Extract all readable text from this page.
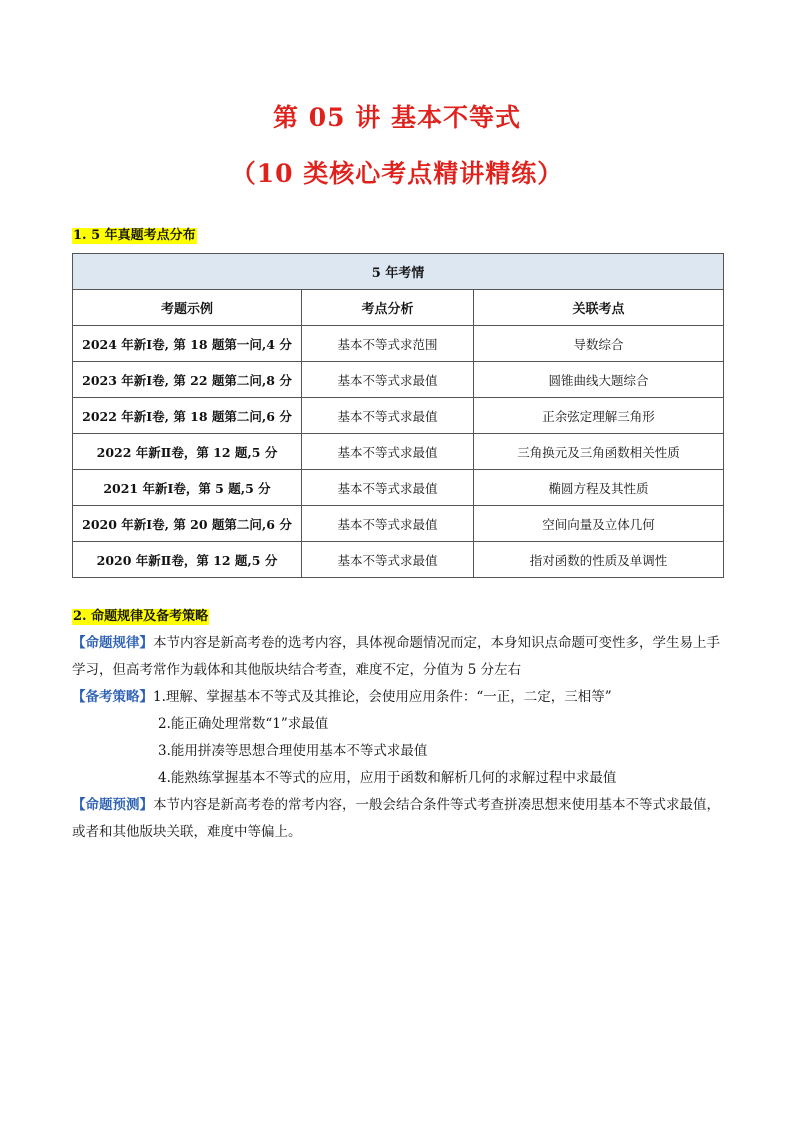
第 05 讲 基本不等式
（10 类核心考点精讲精练）
1. 5 年真题考点分布
5 年考情		
考题示例	考点分析	关联考点
2024 年新Ⅰ卷, 第 18 题第一问,4 分	基本不等式求范围	导数综合
2023 年新Ⅰ卷, 第 22 题第二问,8 分	基本不等式求最值	圆锥曲线大题综合
2022 年新Ⅰ卷, 第 18 题第二问,6 分	基本不等式求最值	正余弦定理解三角形
2022 年新Ⅱ卷，第 12 题,5 分	基本不等式求最值	三角换元及三角函数相关性质
2021 年新Ⅰ卷，第 5 题,5 分	基本不等式求最值	椭圆方程及其性质
2020 年新Ⅰ卷, 第 20 题第二问,6 分	基本不等式求最值	空间向量及立体几何
2020 年新Ⅱ卷，第 12 题,5 分	基本不等式求最值	指对函数的性质及单调性
2. 命题规律及备考策略

【命题规律】本节内容是新高考卷的选考内容，具体视命题情况而定，本身知识点命题可变性多，学生易上手学习，但高考常作为载体和其他版块结合考查，难度不定，分值为 5 分左右

【备考策略】1.理解、掌握基本不等式及其推论，会使用应用条件：“一正，二定，三相等”

2.能正确处理常数“1”求最值

3.能用拼凑等思想合理使用基本不等式求最值

4.能熟练掌握基本不等式的应用，应用于函数和解析几何的求解过程中求最值

【命题预测】本节内容是新高考卷的常考内容，一般会结合条件等式考查拼凑思想来使用基本不等式求最值，或者和其他版块关联，难度中等偏上。
